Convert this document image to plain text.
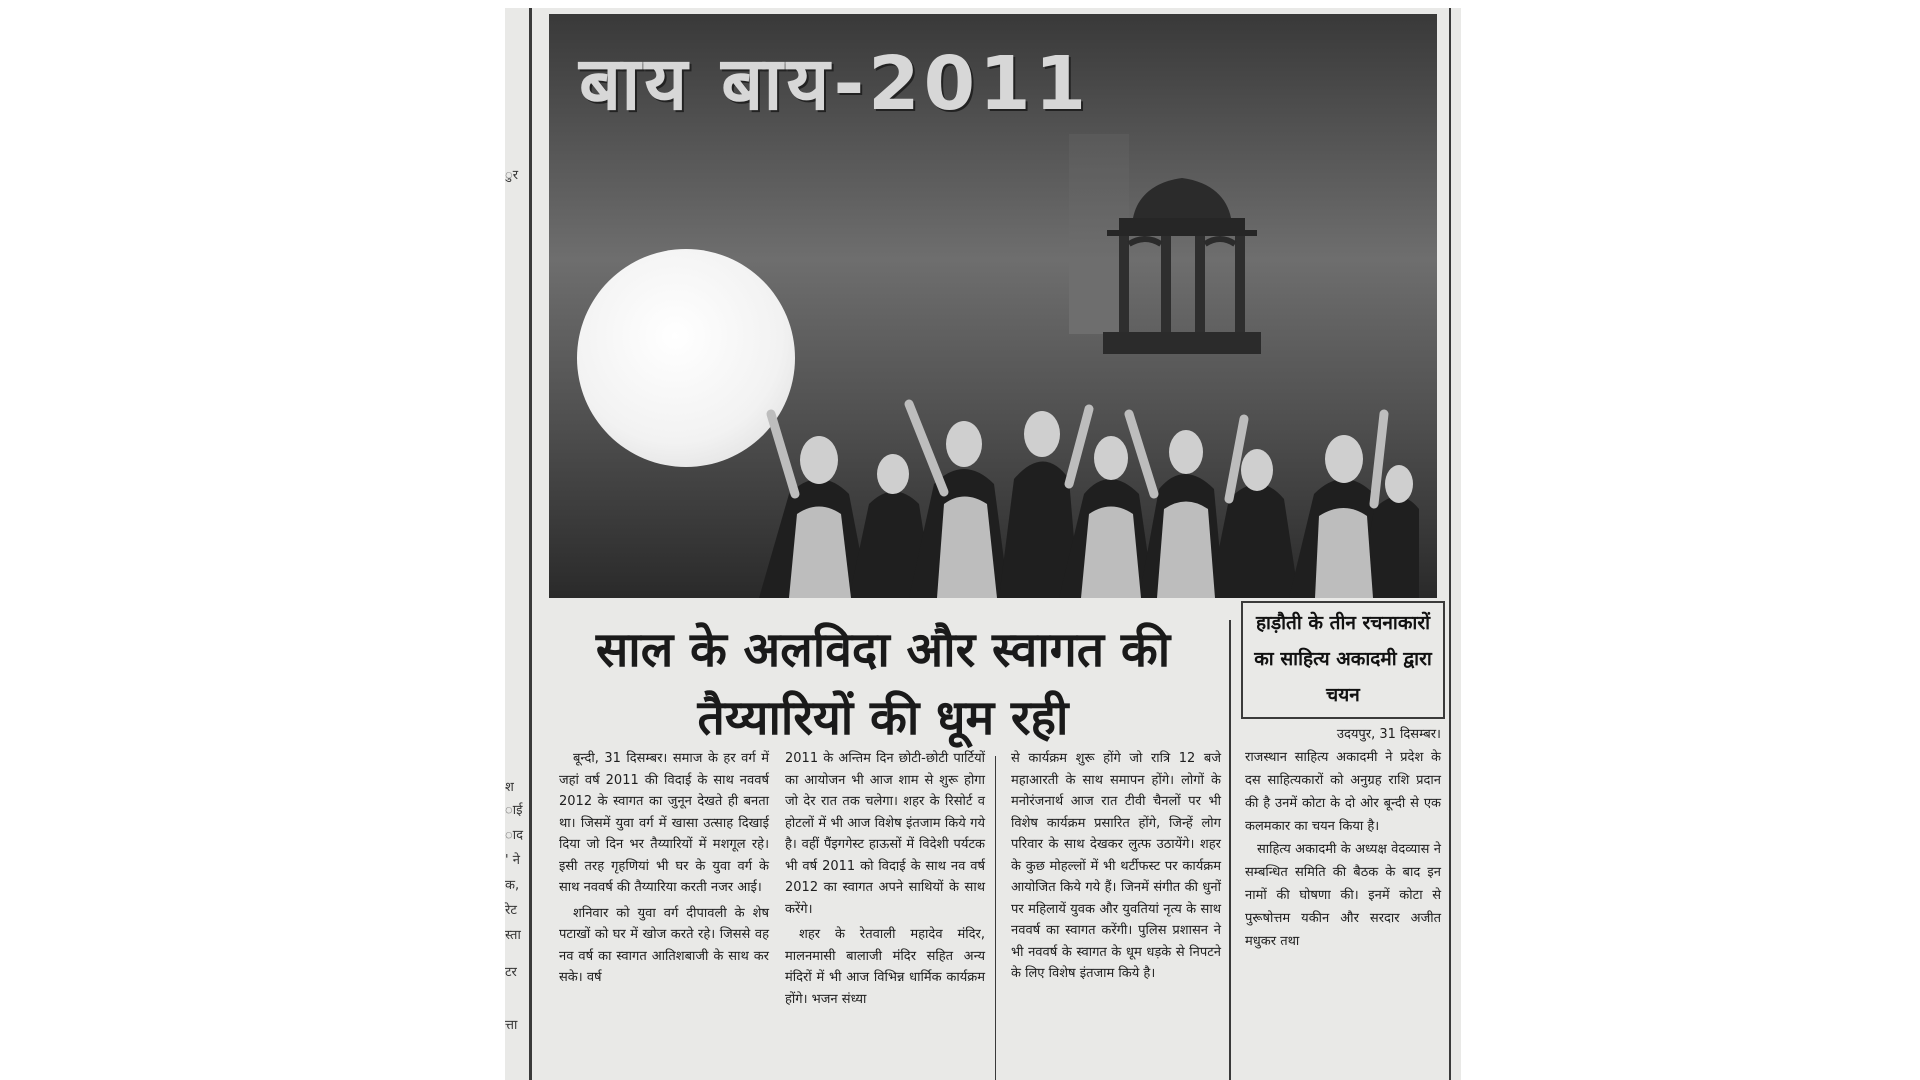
ुर
श
ाई
ाद
' ने
क,
रेट
स्ता
टर
त्ता
बाय बाय-2011
साल के अलविदा और स्वागत की तैय्यारियों की धूम रही

बून्दी, 31 दिसम्बर। समाज के हर वर्ग में जहां वर्ष 2011 की विदाई के साथ नववर्ष 2012 के स्वागत का जुनून देखते ही बनता था। जिसमें युवा वर्ग में खासा उत्साह दिखाई दिया जो दिन भर तैय्यारियों में मशगूल रहे। इसी तरह गृहणियां भी घर के युवा वर्ग के साथ नववर्ष की तैय्यारिया करती नजर आई।

शनिवार को युवा वर्ग दीपावली के शेष पटाखों को घर में खोज करते रहे। जिससे वह नव वर्ष का स्वागत आतिशबाजी के साथ कर सके। वर्ष

2011 के अन्तिम दिन छोटी-छोटी पार्टियों का आयोजन भी आज शाम से शुरू होगा जो देर रात तक चलेगा। शहर के रिसोर्ट व होटलों में भी आज विशेष इंतजाम किये गये है। वहीं पैंइगगेस्ट हाऊसों में विदेशी पर्यटक भी वर्ष 2011 को विदाई के साथ नव वर्ष 2012 का स्वागत अपने साथियों के साथ करेंगे।

शहर के रेतवाली महादेव मंदिर, मालनमासी बालाजी मंदिर सहित अन्य मंदिरों में भी आज विभिन्न धार्मिक कार्यक्रम होंगे। भजन संध्या

से कार्यक्रम शुरू होंगे जो रात्रि 12 बजे महाआरती के साथ समापन होंगे। लोगों के मनोरंजनार्थ आज रात टीवी चैनलों पर भी विशेष कार्यक्रम प्रसारित होंगे, जिन्हें लोग परिवार के साथ देखकर लुत्फ उठायेंगे। शहर के कुछ मोहल्लों में भी थर्टीफस्ट पर कार्यक्रम आयोजित किये गये हैं। जिनमें संगीत की धुनों पर महिलायें युवक और युवतियां नृत्य के साथ नववर्ष का स्वागत करेंगी। पुलिस प्रशासन ने भी नववर्ष के स्वागत के धूम धड़के से निपटने के लिए विशेष इंतजाम किये है।

हाड़ौती के तीन रचनाकारों का साहित्य अकादमी द्वारा चयन

उदयपुर, 31 दिसम्बर।

राजस्थान साहित्य अकादमी ने प्रदेश के दस साहित्यकारों को अनुग्रह राशि प्रदान की है उनमें कोटा के दो ओर बून्दी से एक कलमकार का चयन किया है।

साहित्य अकादमी के अध्यक्ष वेदव्यास ने सम्बन्धित समिति की बैठक के बाद इन नामों की घोषणा की। इनमें कोटा से पुरूषोत्तम यकीन और सरदार अजीत मधुकर तथा
